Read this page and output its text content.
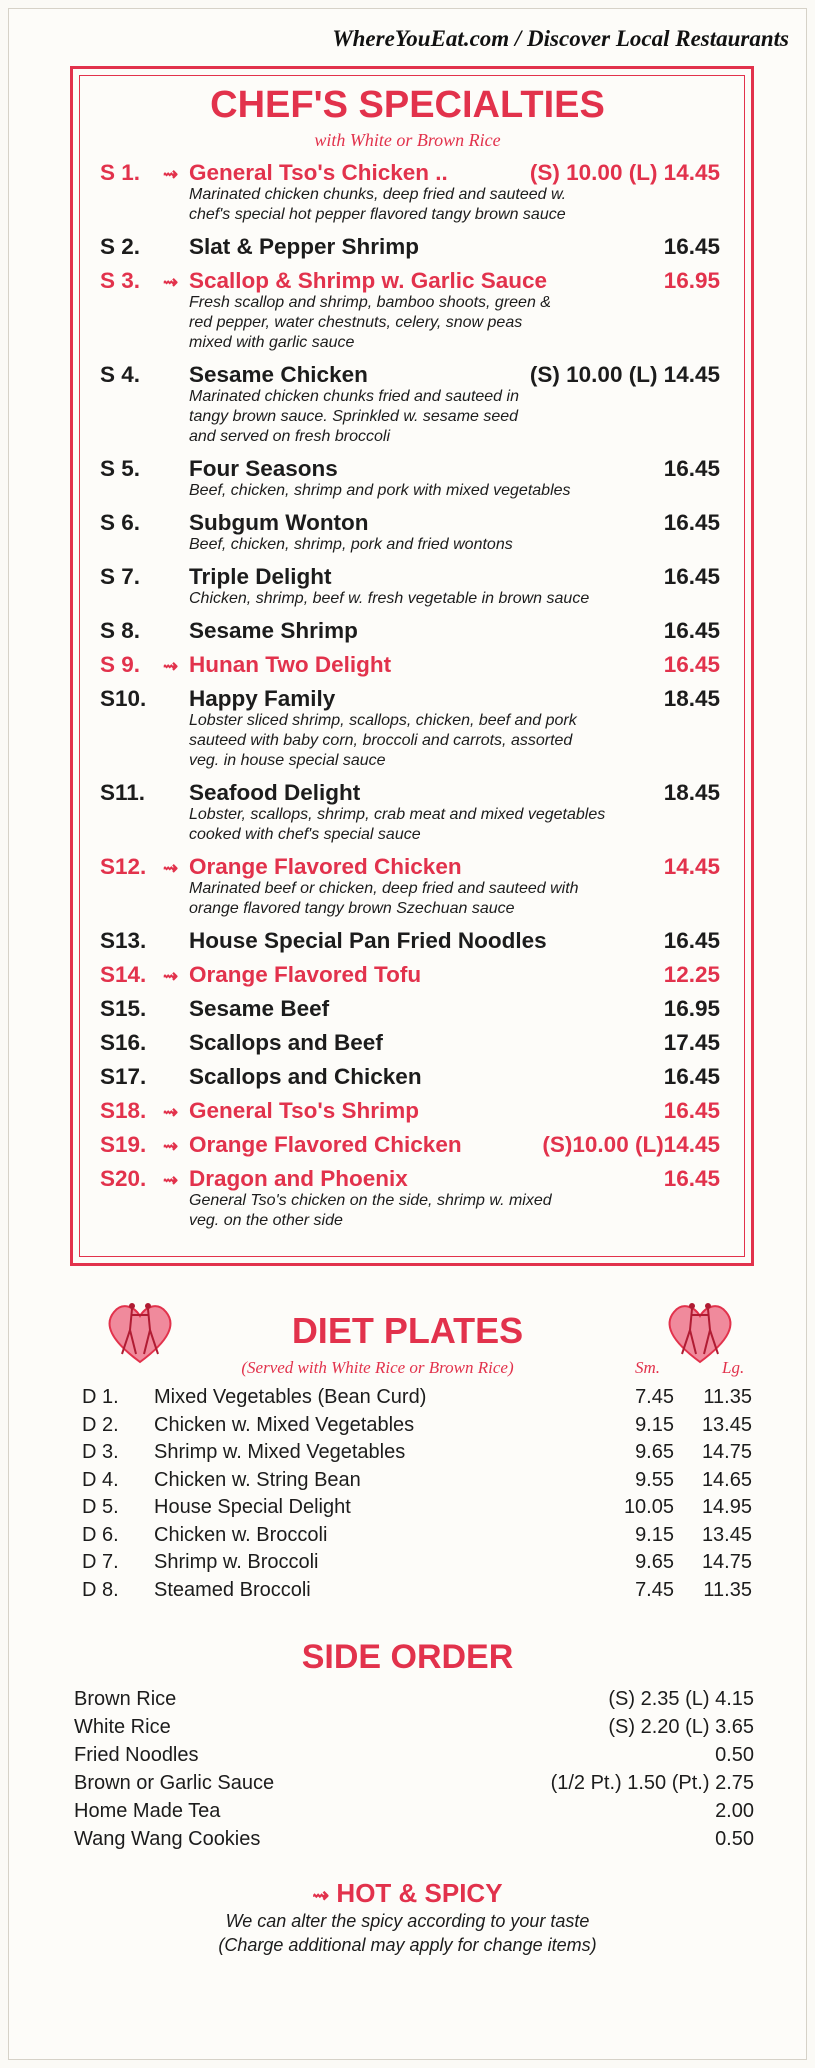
WhereYouEat.com / Discover Local Restaurants
CHEF'S SPECIALTIES
with White or Brown Rice
S 1.	⇝ General Tso's Chicken ..	(S) 10.00 (L) 14.45
Marinated chicken chunks, deep fried and sauteed w.
chef's special hot pepper flavored tangy brown sauce
S 2.	Slat & Pepper Shrimp	16.45
S 3.	⇝ Scallop & Shrimp w. Garlic Sauce	16.95
Fresh scallop and shrimp, bamboo shoots, green &
red pepper, water chestnuts, celery, snow peas
mixed with garlic sauce
S 4.	Sesame Chicken	(S) 10.00 (L) 14.45
Marinated chicken chunks fried and sauteed in
tangy brown sauce. Sprinkled w. sesame seed
and served on fresh broccoli
S 5.	Four Seasons	16.45
Beef, chicken, shrimp and pork with mixed vegetables
S 6.	Subgum Wonton	16.45
Beef, chicken, shrimp, pork and fried wontons
S 7.	Triple Delight	16.45
Chicken, shrimp, beef w. fresh vegetable in brown sauce
S 8.	Sesame Shrimp	16.45
S 9.	⇝ Hunan Two Delight	16.45
S10.	Happy Family	18.45
Lobster sliced shrimp, scallops, chicken, beef and pork
sauteed with baby corn, broccoli and carrots, assorted
veg. in house special sauce
S11.	Seafood Delight	18.45
Lobster, scallops, shrimp, crab meat and mixed vegetables
cooked with chef's special sauce
S12. ⇝ Orange Flavored Chicken	14.45
Marinated beef or chicken, deep fried and sauteed with
orange flavored tangy brown Szechuan sauce
S13.	House Special Pan Fried Noodles	16.45
S14. ⇝ Orange Flavored Tofu	12.25
S15.	Sesame Beef	16.95
S16.	Scallops and Beef	17.45
S17.	Scallops and Chicken	16.45
S18. ⇝ General Tso's Shrimp	16.45
S19. ⇝ Orange Flavored Chicken	(S)10.00 (L)14.45
S20. ⇝ Dragon and Phoenix	16.45
General Tso's chicken on the side, shrimp w. mixed
veg. on the other side
DIET PLATES
(Served with White Rice or Brown Rice)	Sm.	Lg.
D 1.	Mixed Vegetables (Bean Curd)	7.45	11.35
D 2.	Chicken w. Mixed Vegetables	9.15	13.45
D 3.	Shrimp w. Mixed Vegetables	9.65	14.75
D 4.	Chicken w. String Bean	9.55	14.65
D 5.	House Special Delight	10.05	14.95
D 6.	Chicken w. Broccoli	9.15	13.45
D 7.	Shrimp w. Broccoli	9.65	14.75
D 8.	Steamed Broccoli	7.45	11.35
SIDE ORDER
Brown Rice	(S) 2.35 (L) 4.15
White Rice	(S) 2.20 (L) 3.65
Fried Noodles	0.50
Brown or Garlic Sauce	(1/2 Pt.) 1.50 (Pt.) 2.75
Home Made Tea	2.00
Wang Wang Cookies	0.50
⇝ HOT & SPICY
We can alter the spicy according to your taste
(Charge additional may apply for change items)
